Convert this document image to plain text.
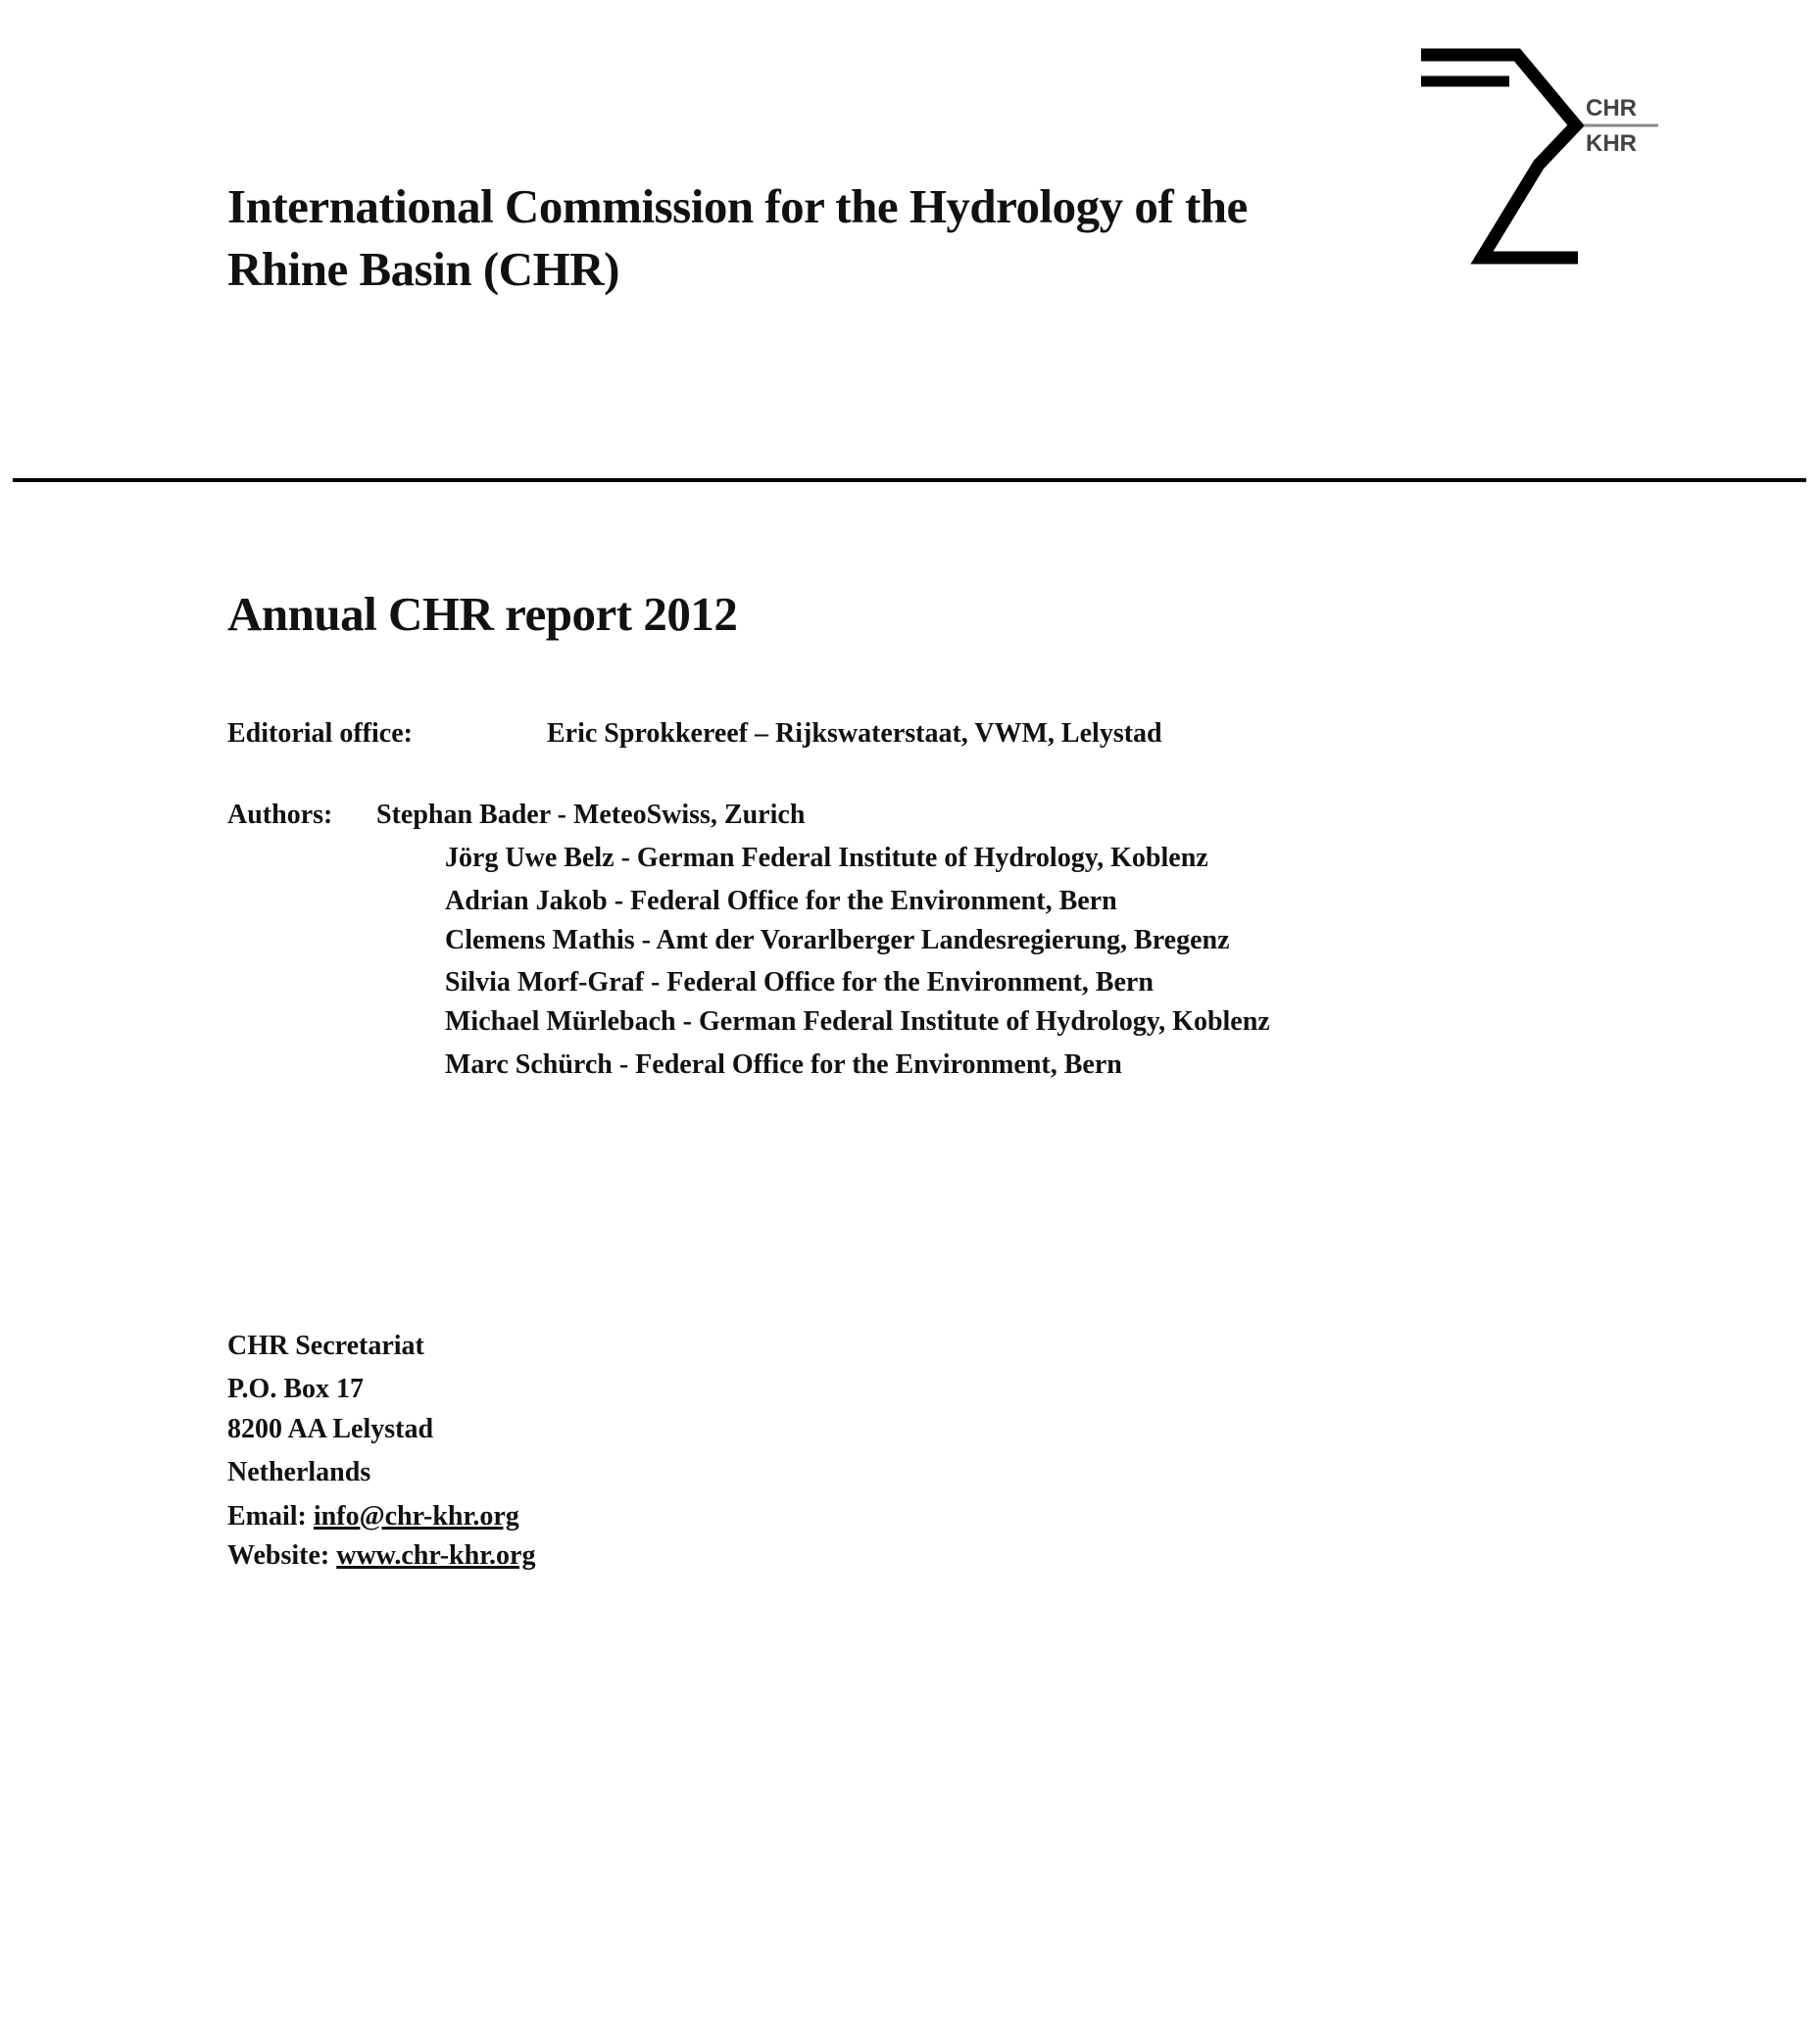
International Commission for the Hydrology of the
Rhine Basin (CHR)
CHR
KHR
Annual CHR report 2012
Editorial office:	Eric Sprokkereef – Rijkswaterstaat, VWM, Lelystad
Authors: Stephan Bader - MeteoSwiss, Zurich
Jörg Uwe Belz - German Federal Institute of Hydrology, Koblenz
Adrian Jakob - Federal Office for the Environment, Bern
Clemens Mathis - Amt der Vorarlberger Landesregierung, Bregenz
Silvia Morf-Graf - Federal Office for the Environment, Bern
Michael Mürlebach - German Federal Institute of Hydrology, Koblenz
Marc Schürch - Federal Office for the Environment, Bern
CHR Secretariat
P.O. Box 17
8200 AA Lelystad
Netherlands
Email: info@chr-khr.org
Website: www.chr-khr.org
